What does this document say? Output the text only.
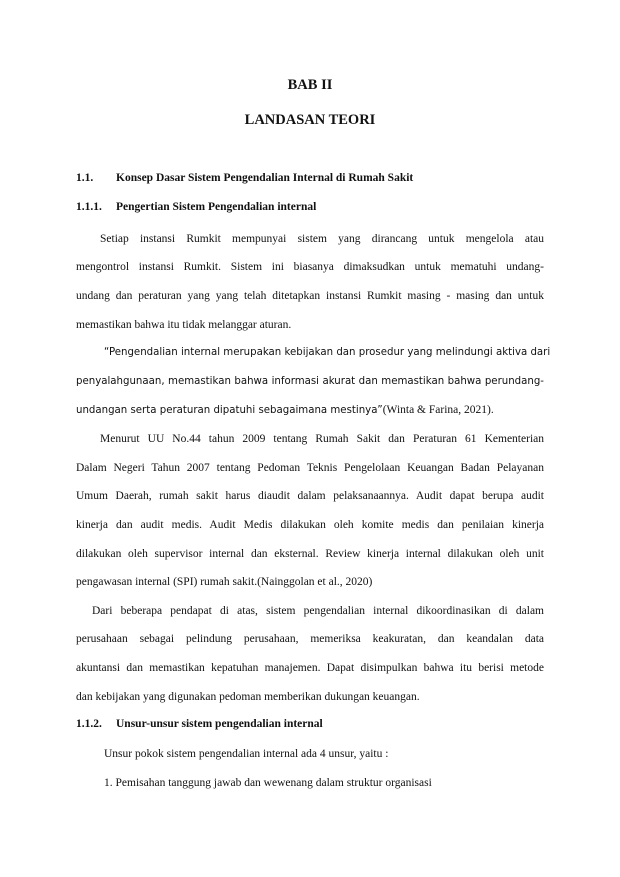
BAB II
LANDASAN TEORI
1.1. Konsep Dasar Sistem Pengendalian Internal di Rumah Sakit
1.1.1. Pengertian Sistem Pengendalian internal
Setiap instansi Rumkit mempunyai sistem yang dirancang untuk mengelola atau
mengontrol instansi Rumkit. Sistem ini biasanya dimaksudkan untuk mematuhi undang-
undang dan peraturan yang yang telah ditetapkan instansi Rumkit masing - masing dan untuk
memastikan bahwa itu tidak melanggar aturan.
“Pengendalian internal merupakan kebijakan dan prosedur yang melindungi aktiva dari
penyalahgunaan, memastikan bahwa informasi akurat dan memastikan bahwa perundang-
undangan serta peraturan dipatuhi sebagaimana mestinya”(Winta & Farina, 2021).
Menurut UU No.44 tahun 2009 tentang Rumah Sakit dan Peraturan 61 Kementerian
Dalam Negeri Tahun 2007 tentang Pedoman Teknis Pengelolaan Keuangan Badan Pelayanan
Umum Daerah, rumah sakit harus diaudit dalam pelaksanaannya. Audit dapat berupa audit
kinerja dan audit medis. Audit Medis dilakukan oleh komite medis dan penilaian kinerja
dilakukan oleh supervisor internal dan eksternal. Review kinerja internal dilakukan oleh unit
pengawasan internal (SPI) rumah sakit.(Nainggolan et al., 2020)
Dari beberapa pendapat di atas, sistem pengendalian internal dikoordinasikan di dalam
perusahaan sebagai pelindung perusahaan, memeriksa keakuratan, dan keandalan data
akuntansi dan memastikan kepatuhan manajemen. Dapat disimpulkan bahwa itu berisi metode
dan kebijakan yang digunakan pedoman memberikan dukungan keuangan.
1.1.2. Unsur-unsur sistem pengendalian internal
Unsur pokok sistem pengendalian internal ada 4 unsur, yaitu :
1. Pemisahan tanggung jawab dan wewenang dalam struktur organisasi
